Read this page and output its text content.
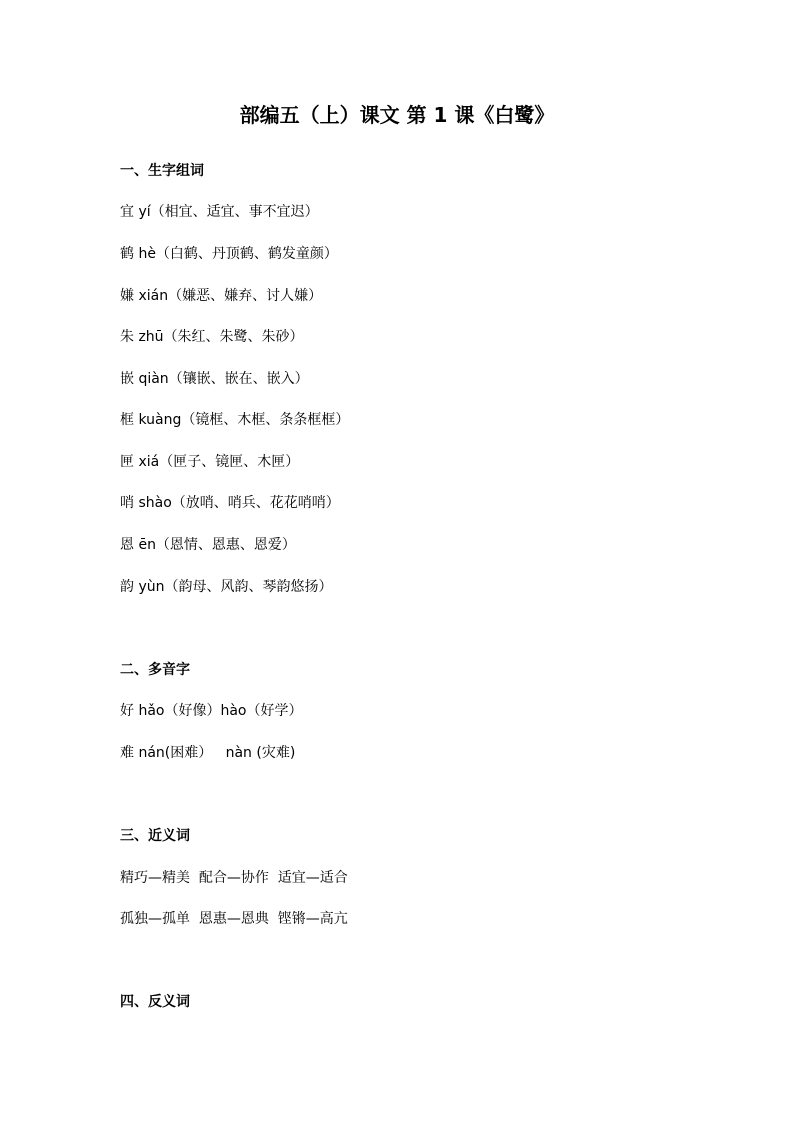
部编五（上）课文 第 1 课《白鹭》
一、生字组词

宜 yí（相宜、适宜、事不宜迟）

鹤 hè（白鹤、丹顶鹤、鹤发童颜）

嫌 xián（嫌恶、嫌弃、讨人嫌）

朱 zhū（朱红、朱鹭、朱砂）

嵌 qiàn（镶嵌、嵌在、嵌入）

框 kuàng（镜框、木框、条条框框）

匣 xiá（匣子、镜匣、木匣）

哨 shào（放哨、哨兵、花花哨哨）

恩 ēn（恩情、恩惠、恩爱）

韵 yùn（韵母、风韵、琴韵悠扬）

二、多音字

好 hǎo（好像）hào（好学）

难 nán(困难）   nàn (灾难)

三、近义词

精巧—精美  配合—协作  适宜—适合

孤独—孤单  恩惠—恩典  铿锵—高亢

四、反义词
